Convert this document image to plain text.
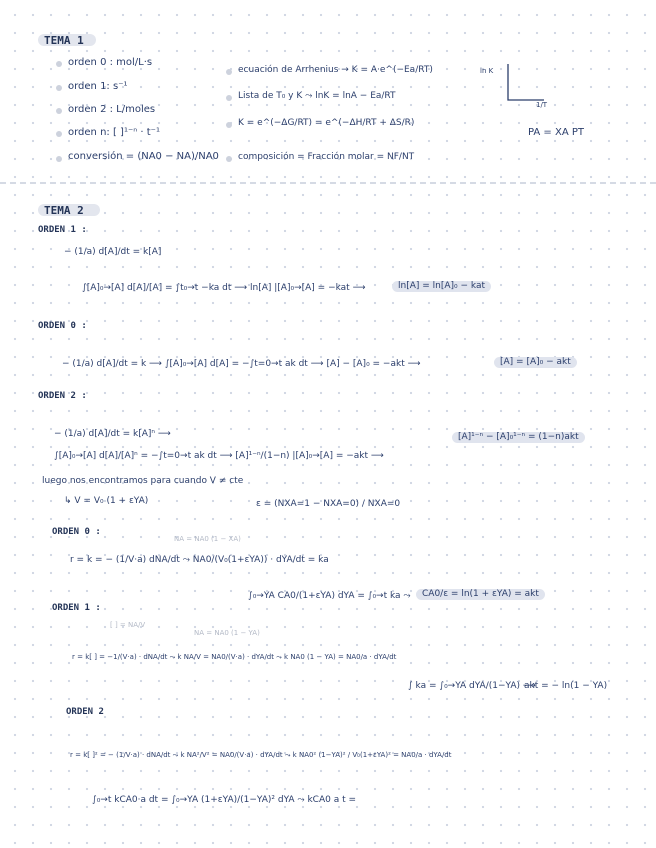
TEMA 1
orden 0 : mol/L·s
orden 1: s⁻¹
orden 2 : L/moles
orden n: [ ]¹⁻ⁿ · t⁻¹
conversión = (NA0 − NA)/NA0
ecuación de Arrhenius → K = A·e^(−Ea/RT)
Lista de T₀ y K ⤳ lnK = lnA − Ea/RT
K = e^(−ΔG/RT) = e^(−ΔH/RT + ΔS/R)
composición = Fracción molar = NF/NT
ln K
1/T
PA = XA PT
TEMA 2
ORDEN 1 :
− (1/a) d[A]/dt = k[A]
∫[A]₀→[A] d[A]/[A] = ∫t₀→t −ka dt ⟶ ln[A] |[A]₀→[A] = −kat ⟶	ln[A] = ln[A]₀ − kat
ORDEN 0 :
− (1/a) d[A]/dt = k ⟶ ∫[A]₀→[A] d[A] = −∫t=0→t ak dt ⟶ [A] − [A]₀ = −akt ⟶	[A] = [A]₀ − akt
ORDEN 2 :
− (1/a) d[A]/dt = k[A]ⁿ ⟶
∫[A]₀→[A] d[A]/[A]ⁿ = −∫t=0→t ak dt ⟶ [A]¹⁻ⁿ/(1−n) |[A]₀→[A] = −akt ⟶
[A]¹⁻ⁿ − [A]₀¹⁻ⁿ = (1−n)akt
luego nos encontramos para cuando V ≠ cte
↳ V = V₀ (1 + εYA)	ε = (NXA=1 − NXA=0) / NXA=0
ORDEN 0 :
NA = NA0 (1 − XA)
r = k = − (1/V·a) dNA/dt ⤳ NA0/(V₀(1+εYA)) · dYA/dt = ka
∫₀→YA CA0/(1+εYA) dYA = ∫₀→t ka ⤳	CA0/ε = ln(1 + εYA) = akt
ORDEN 1 :
[ ] = NA/V
NA = NA0 (1 − YA)
r = k[ ] = −1/(V·a) · dNA/dt ⤳ k NA/V = NA0/(V·a) · dYA/dt ⤳ k NA0 (1 − YA) = NA0/a · dYA/dt
∫ ka = ∫₀→YA dYA/(1−YA) ⟶
akt = − ln(1 − YA)
ORDEN 2
r = k[ ]² = − (1/V·a) · dNA/dt ⤳ k NA²/V² = NA0/(V·a) · dYA/dt ⤳ k NA0² (1−YA)² / V₀(1+εYA)² = NA0/a · dYA/dt
∫₀→t kCA0·a dt = ∫₀→YA (1+εYA)/(1−YA)² dYA ⤳ kCA0 a t =
